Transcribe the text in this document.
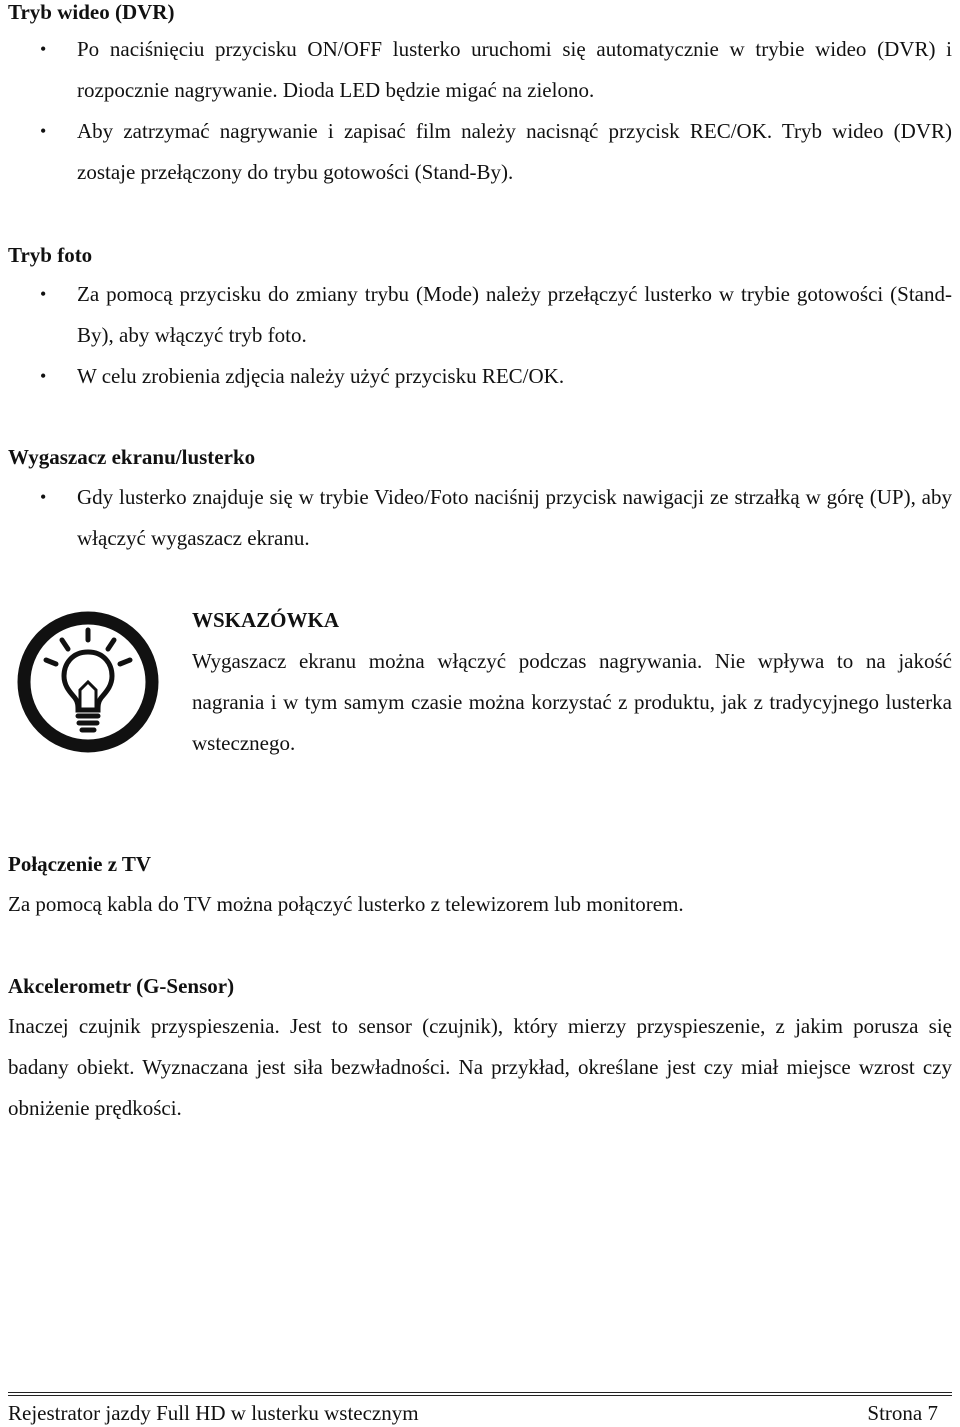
Tryb wideo (DVR)
• Po naciśnięciu przycisku ON/OFF lusterko uruchomi się automatycznie w trybie wideo (DVR) i rozpocznie nagrywanie. Dioda LED będzie migać na zielono.
• Aby zatrzymać nagrywanie i zapisać film należy nacisnąć przycisk REC/OK. Tryb wideo (DVR) zostaje przełączony do trybu gotowości (Stand-By).
Tryb foto
• Za pomocą przycisku do zmiany trybu (Mode) należy przełączyć lusterko w trybie gotowości (Stand-By), aby włączyć tryb foto.
• W celu zrobienia zdjęcia należy użyć przycisku REC/OK.
Wygaszacz ekranu/lusterko
• Gdy lusterko znajduje się w trybie Video/Foto naciśnij przycisk nawigacji ze strzałką w górę (UP), aby włączyć wygaszacz ekranu.

WSKAZÓWKA

Wygaszacz ekranu można włączyć podczas nagrywania. Nie wpływa to na jakość nagrania i w tym samym czasie można korzystać z produktu, jak z tradycyjnego lusterka wstecznego.

Połączenie z TV

Za pomocą kabla do TV można połączyć lusterko z telewizorem lub monitorem.

Akcelerometr (G-Sensor)

Inaczej czujnik przyspieszenia. Jest to sensor (czujnik), który mierzy przyspieszenie, z jakim porusza się badany obiekt. Wyznaczana jest siła bezwładności. Na przykład, określane jest czy miał miejsce wzrost czy obniżenie prędkości.

Rejestrator jazdy Full HD w lusterku wstecznym	Strona 7
